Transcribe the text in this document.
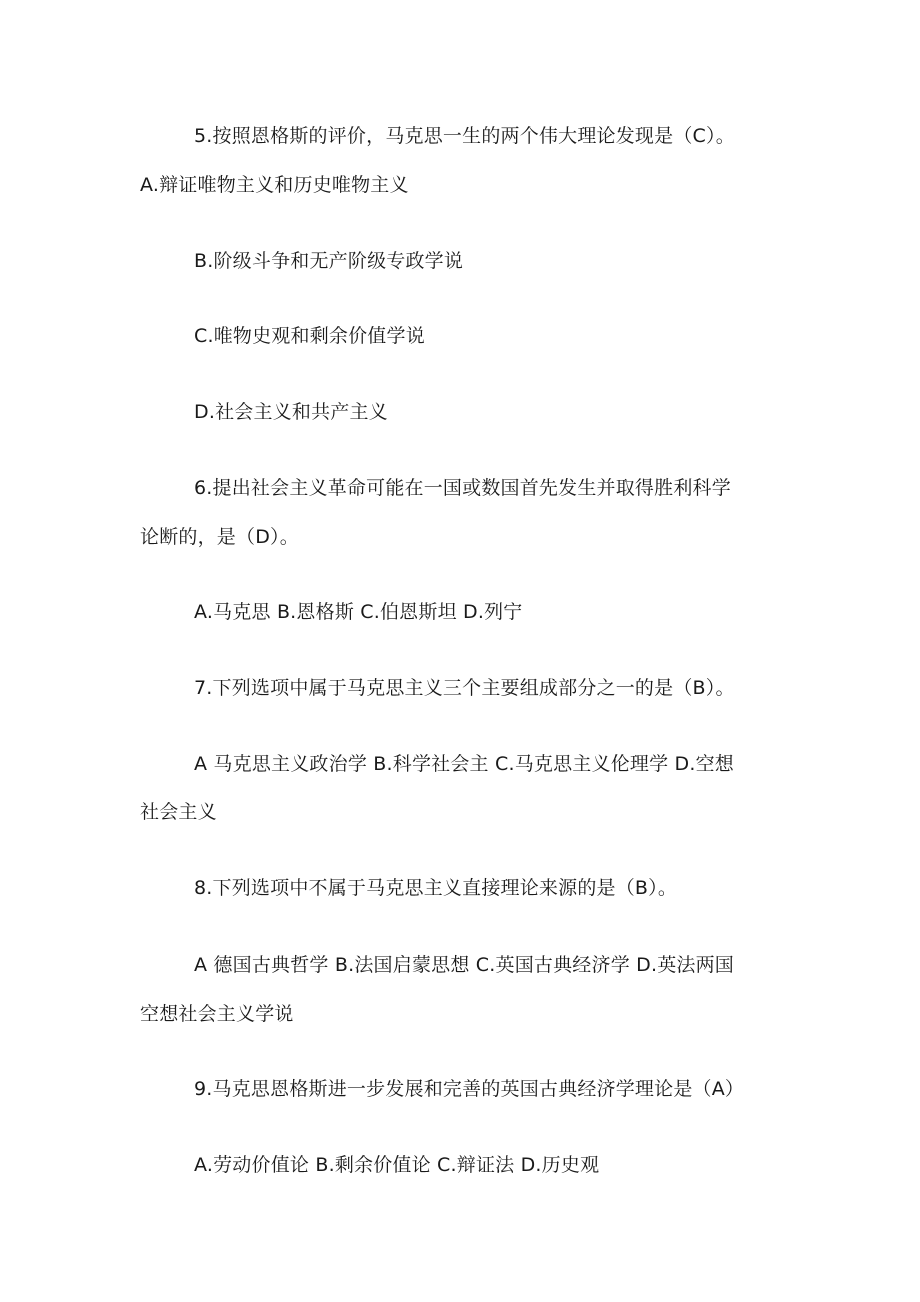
5.按照恩格斯的评价，马克思一生的两个伟大理论发现是（C）。
A.辩证唯物主义和历史唯物主义
B.阶级斗争和无产阶级专政学说
C.唯物史观和剩余价值学说
D.社会主义和共产主义
6.提出社会主义革命可能在一国或数国首先发生并取得胜利科学
论断的，是（D）。
A.马克思 B.恩格斯 C.伯恩斯坦 D.列宁
7.下列选项中属于马克思主义三个主要组成部分之一的是（B）。
A 马克思主义政治学 B.科学社会主 C.马克思主义伦理学 D.空想
社会主义
8.下列选项中不属于马克思主义直接理论来源的是（B）。
A 德国古典哲学 B.法国启蒙思想 C.英国古典经济学 D.英法两国
空想社会主义学说
9.马克思恩格斯进一步发展和完善的英国古典经济学理论是（A）
A.劳动价值论 B.剩余价值论 C.辩证法 D.历史观
